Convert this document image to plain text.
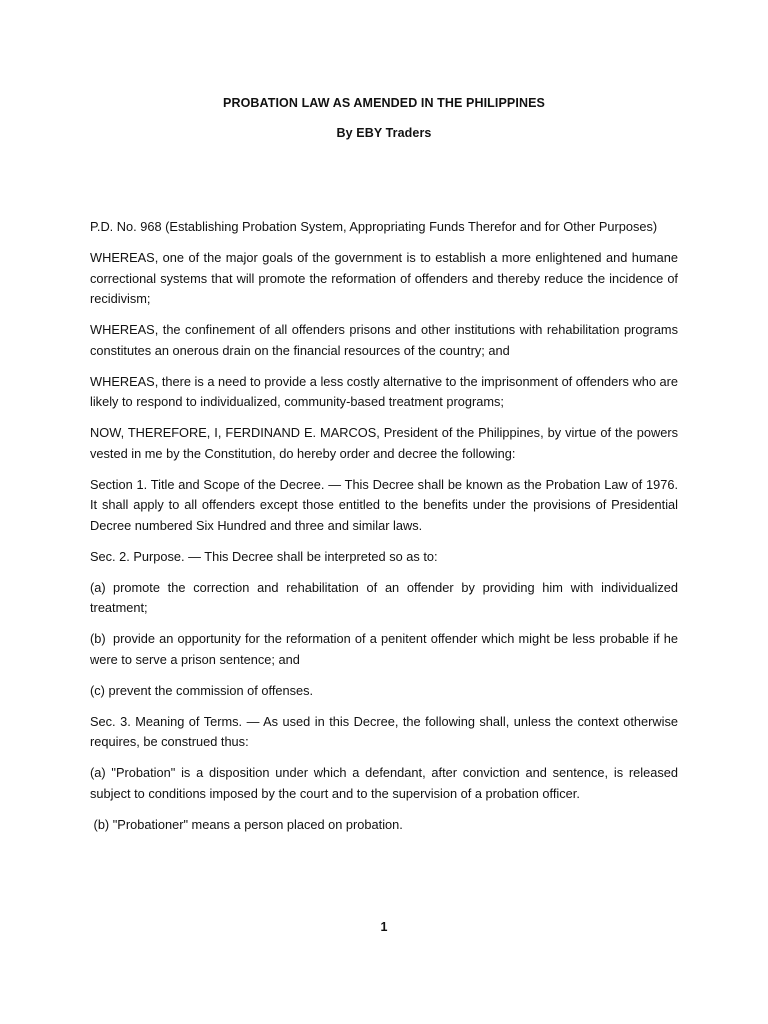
PROBATION LAW AS AMENDED IN THE PHILIPPINES
By EBY Traders

P.D. No. 968 (Establishing Probation System, Appropriating Funds Therefor and for Other Purposes)

WHEREAS, one of the major goals of the government is to establish a more enlightened and humane correctional systems that will promote the reformation of offenders and thereby reduce the incidence of recidivism;

WHEREAS, the confinement of all offenders prisons and other institutions with rehabilitation programs constitutes an onerous drain on the financial resources of the country; and

WHEREAS, there is a need to provide a less costly alternative to the imprisonment of offenders who are likely to respond to individualized, community-based treatment programs;

NOW, THEREFORE, I, FERDINAND E. MARCOS, President of the Philippines, by virtue of the powers vested in me by the Constitution, do hereby order and decree the following:

Section 1. Title and Scope of the Decree. — This Decree shall be known as the Probation Law of 1976. It shall apply to all offenders except those entitled to the benefits under the provisions of Presidential Decree numbered Six Hundred and three and similar laws.

Sec. 2. Purpose. — This Decree shall be interpreted so as to:

(a) promote the correction and rehabilitation of an offender by providing him with individualized treatment;

(b) provide an opportunity for the reformation of a penitent offender which might be less probable if he were to serve a prison sentence; and

(c) prevent the commission of offenses.

Sec. 3. Meaning of Terms. — As used in this Decree, the following shall, unless the context otherwise requires, be construed thus:

(a) "Probation" is a disposition under which a defendant, after conviction and sentence, is released subject to conditions imposed by the court and to the supervision of a probation officer.

(b) "Probationer" means a person placed on probation.

1
